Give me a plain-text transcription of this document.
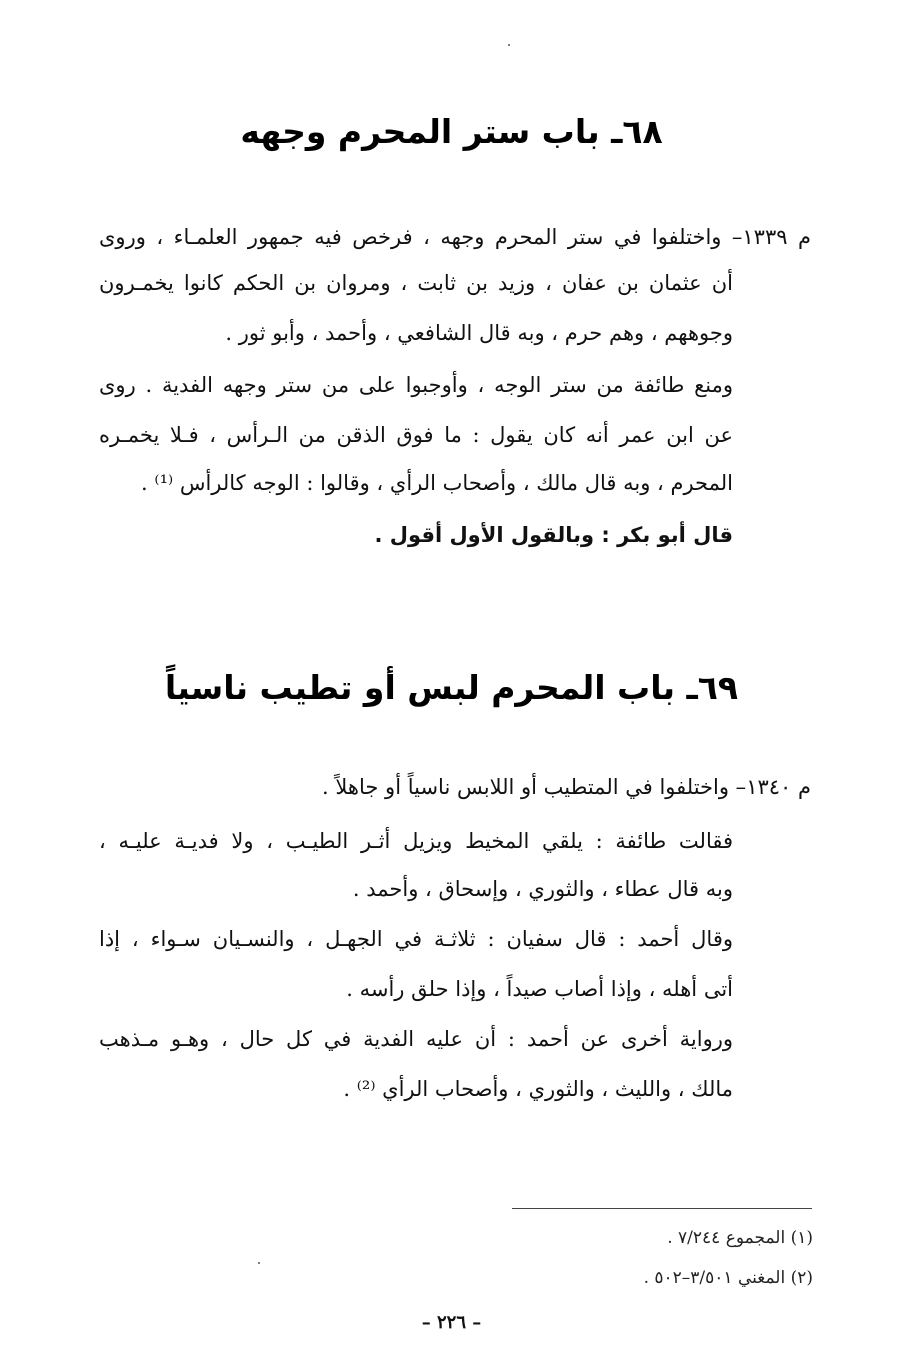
٦٨ـ باب ستر المحرم وجهه
م ١٣٣٩– واختلفوا في ستر المحرم وجهه ، فرخص فيه جمهور العلمـاء ، وروى
أن عثمان بن عفان ، وزيد بن ثابت ، ومروان بن الحكم كانوا يخمـرون
وجوههم ، وهم حرم ، وبه قال الشافعي ، وأحمد ، وأبو ثور .
ومنع طائفة من ستر الوجه ، وأوجبوا على من ستر وجهه الفدية . روى
عن ابن عمر أنه كان يقول : ما فوق الذقن من الـرأس ، فـلا يخمـره
المحرم ، وبه قال مالك ، وأصحاب الرأي ، وقالوا : الوجه كالرأس ⁽¹⁾ .
قال أبو بكر : وبالقول الأول أقول .
٦٩ـ باب المحرم لبس أو تطيب ناسياً
م ١٣٤٠– واختلفوا في المتطيب أو اللابس ناسياً أو جاهلاً .
فقالت طائفة : يلقي المخيط ويزيل أثـر الطيـب ، ولا فديـة عليـه ،
وبه قال عطاء ، والثوري ، وإسحاق ، وأحمد .
وقال أحمد : قال سفيان : ثلاثـة في الجهـل ، والنسـيان سـواء ، إذا
أتى أهله ، وإذا أصاب صيداً ، وإذا حلق رأسه .
ورواية أخرى عن أحمد : أن عليه الفدية في كل حال ، وهـو مـذهب
مالك ، والليث ، والثوري ، وأصحاب الرأي ⁽²⁾ .
(١) المجموع ٧/٢٤٤ .
(٢) المغني ٣/٥٠١–٥٠٢ .
– ٢٢٦ –
